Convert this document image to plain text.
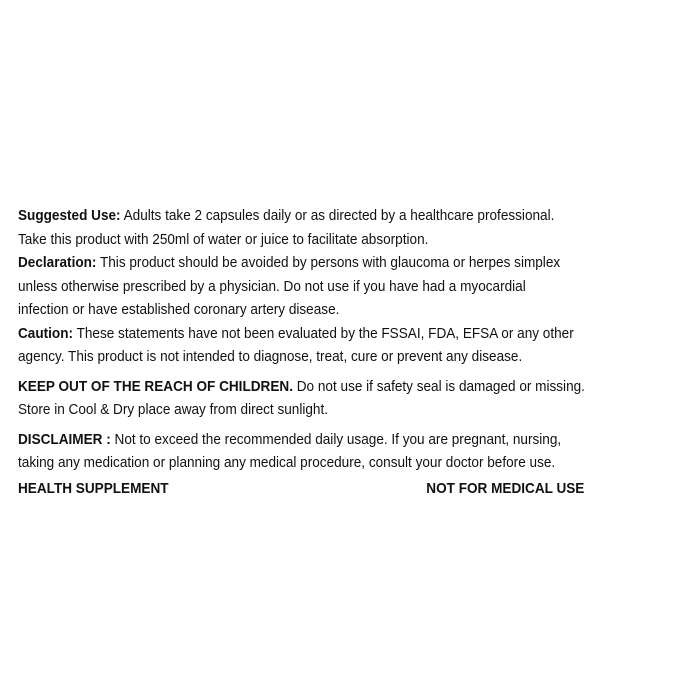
Suggested Use: Adults take 2 capsules daily or as directed by a healthcare professional.
Take this product with 250ml of water or juice to facilitate absorption.
Declaration: This product should be avoided by persons with glaucoma or herpes simplex
unless otherwise prescribed by a physician. Do not use if you have had a myocardial
infection or have established coronary artery disease.
Caution: These statements have not been evaluated by the FSSAI, FDA, EFSA or any other
agency. This product is not intended to diagnose, treat, cure or prevent any disease.
KEEP OUT OF THE REACH OF CHILDREN. Do not use if safety seal is damaged or missing.
Store in Cool & Dry place away from direct sunlight.
DISCLAIMER : Not to exceed the recommended daily usage. If you are pregnant, nursing,
taking any medication or planning any medical procedure, consult your doctor before use.
HEALTH SUPPLEMENT	NOT FOR MEDICAL USE
